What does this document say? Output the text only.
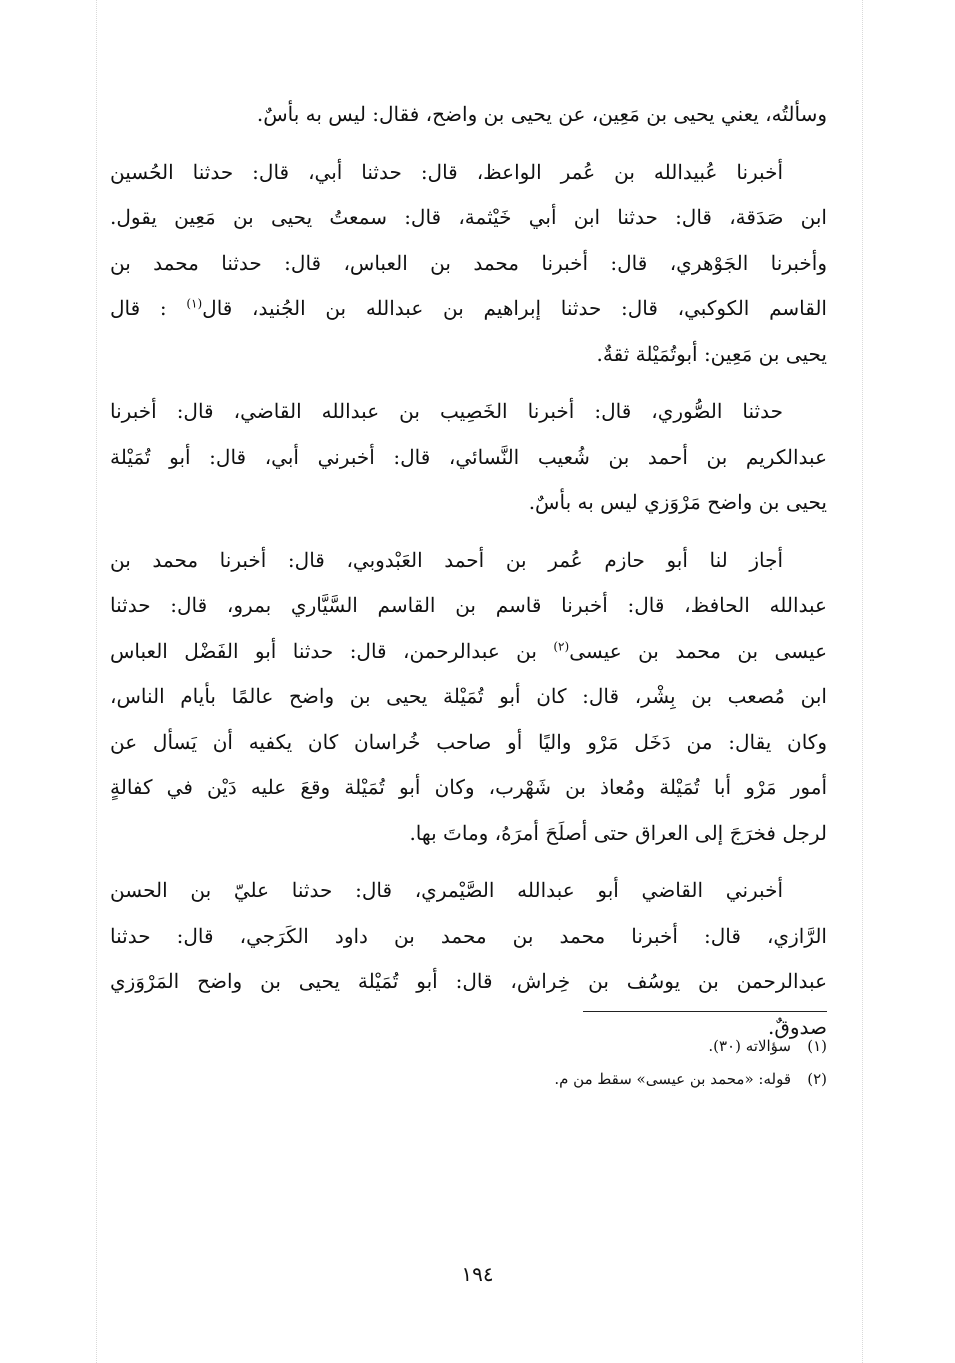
وسألتُه، يعني يحيى بن مَعِين، عن يحيى بن واضح، فقال: ليس به بأسٌ.

أخبرنا عُبيدالله بن عُمر الواعظ، قال: حدثنا أبي، قال: حدثنا الحُسين
ابن صَدَقة، قال: حدثنا ابن أبي خَيْثمة، قال: سمعتُ يحيى بن مَعِين يقول.
وأخبرنا الجَوْهري، قال: أخبرنا محمد بن العباس، قال: حدثنا محمد بن
القاسم الكوكبي، قال: حدثنا إبراهيم بن عبدالله بن الجُنيد، قال$^{(١)}$ : قال
يحيى بن مَعِين: أبوتُمَيْلة ثقةٌ.

حدثنا الصُّوري، قال: أخبرنا الخَصِيب بن عبدالله القاضي، قال: أخبرنا
عبدالكريم بن أحمد بن شُعيب النَّسائي، قال: أخبرني أبي، قال: أبو تُمَيْلة
يحيى بن واضح مَرْوَزي ليس به بأسٌ.

أجاز لنا أبو حازم عُمر بن أحمد العَبْدوبي، قال: أخبرنا محمد بن
عبدالله الحافظ، قال: أخبرنا قاسم بن القاسم السَّيَّاري بمرو، قال: حدثنا
عيسى بن محمد بن عيسى$^{(٢)}$ بن عبدالرحمن، قال: حدثنا أبو الفَضْل العباس
ابن مُصعب بن بِشْر، قال: كان أبو تُمَيْلة يحيى بن واضح عالمًا بأيام الناس،
وكان يقال: من دَخَل مَرْو واليًا أو صاحب خُراسان كان يكفيه أن يَسأل عن
أمور مَرْو أبا تُمَيْلة ومُعاذ بن شَهْرب، وكان أبو تُمَيْلة وقعَ عليه دَيْن في كفالةٍ
لرجل فخرَجَ إلى العراق حتى أصلَحَ أمرَهُ، وماتَ بها.

أخبرني القاضي أبو عبدالله الصَّيْمري، قال: حدثنا عليّ بن الحسن
الرَّازي، قال: أخبرنا محمد بن محمد بن داود الكَرَجي، قال: حدثنا
عبدالرحمن بن يوسُف بن خِراش، قال: أبو تُمَيْلة يحيى بن واضح المَرْوَزي
صدوقٌ.

(١)سؤالاته (٣٠).
(٢)قوله: «محمد بن عيسى» سقط من م.
١٩٤
